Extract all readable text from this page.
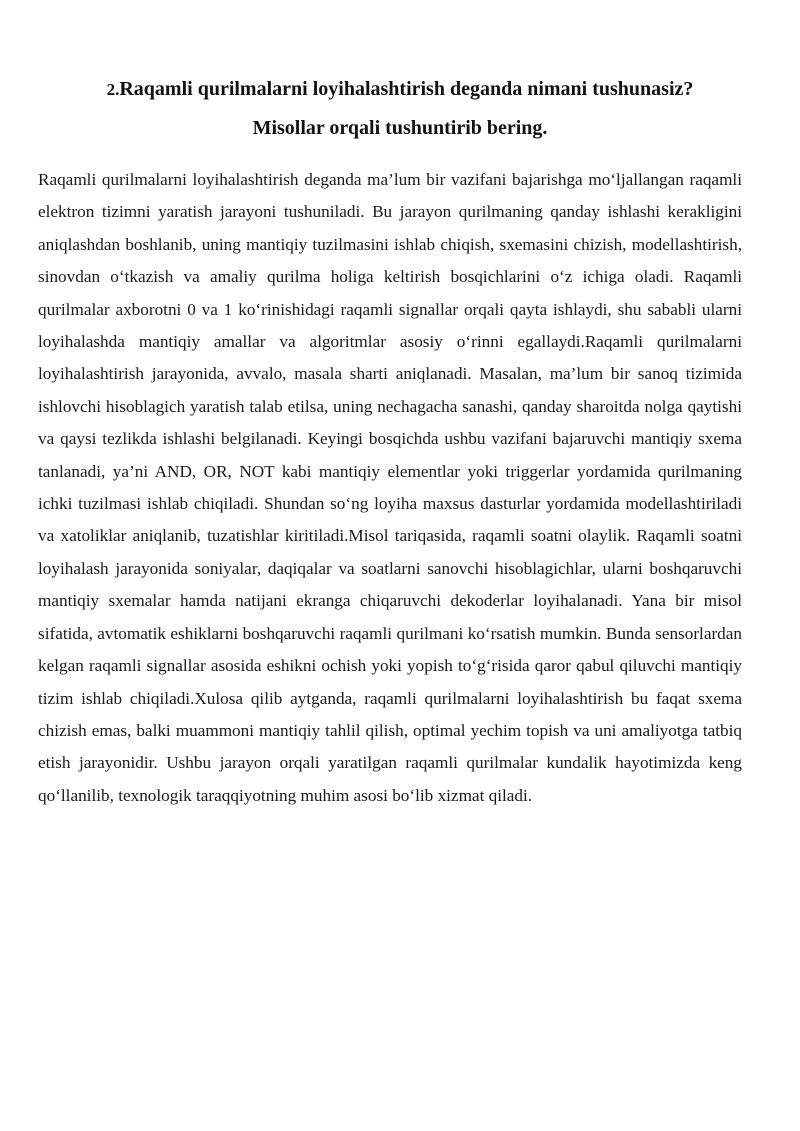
2.Raqamli qurilmalarni loyihalashtirish deganda nimani tushunasiz?
Misollar orqali tushuntirib bering.

Raqamli qurilmalarni loyihalashtirish deganda ma’lum bir vazifani bajarishga mo‘ljallangan raqamli elektron tizimni yaratish jarayoni tushuniladi. Bu jarayon qurilmaning qanday ishlashi kerakligini aniqlashdan boshlanib, uning mantiqiy tuzilmasini ishlab chiqish, sxemasini chizish, modellashtirish, sinovdan o‘tkazish va amaliy qurilma holiga keltirish bosqichlarini o‘z ichiga oladi. Raqamli qurilmalar axborotni 0 va 1 ko‘rinishidagi raqamli signallar orqali qayta ishlaydi, shu sababli ularni loyihalashda mantiqiy amallar va algoritmlar asosiy o‘rinni egallaydi.Raqamli qurilmalarni loyihalashtirish jarayonida, avvalo, masala sharti aniqlanadi. Masalan, ma’lum bir sanoq tizimida ishlovchi hisoblagich yaratish talab etilsa, uning nechagacha sanashi, qanday sharoitda nolga qaytishi va qaysi tezlikda ishlashi belgilanadi. Keyingi bosqichda ushbu vazifani bajaruvchi mantiqiy sxema tanlanadi, ya’ni AND, OR, NOT kabi mantiqiy elementlar yoki triggerlar yordamida qurilmaning ichki tuzilmasi ishlab chiqiladi. Shundan so‘ng loyiha maxsus dasturlar yordamida modellashtiriladi va xatoliklar aniqlanib, tuzatishlar kiritiladi.Misol tariqasida, raqamli soatni olaylik. Raqamli soatni loyihalash jarayonida soniyalar, daqiqalar va soatlarni sanovchi hisoblagichlar, ularni boshqaruvchi mantiqiy sxemalar hamda natijani ekranga chiqaruvchi dekoderlar loyihalanadi. Yana bir misol sifatida, avtomatik eshiklarni boshqaruvchi raqamli qurilmani ko‘rsatish mumkin. Bunda sensorlardan kelgan raqamli signallar asosida eshikni ochish yoki yopish to‘g‘risida qaror qabul qiluvchi mantiqiy tizim ishlab chiqiladi.Xulosa qilib aytganda, raqamli qurilmalarni loyihalashtirish bu faqat sxema chizish emas, balki muammoni mantiqiy tahlil qilish, optimal yechim topish va uni amaliyotga tatbiq etish jarayonidir. Ushbu jarayon orqali yaratilgan raqamli qurilmalar kundalik hayotimizda keng qo‘llanilib, texnologik taraqqiyotning muhim asosi bo‘lib xizmat qiladi.
